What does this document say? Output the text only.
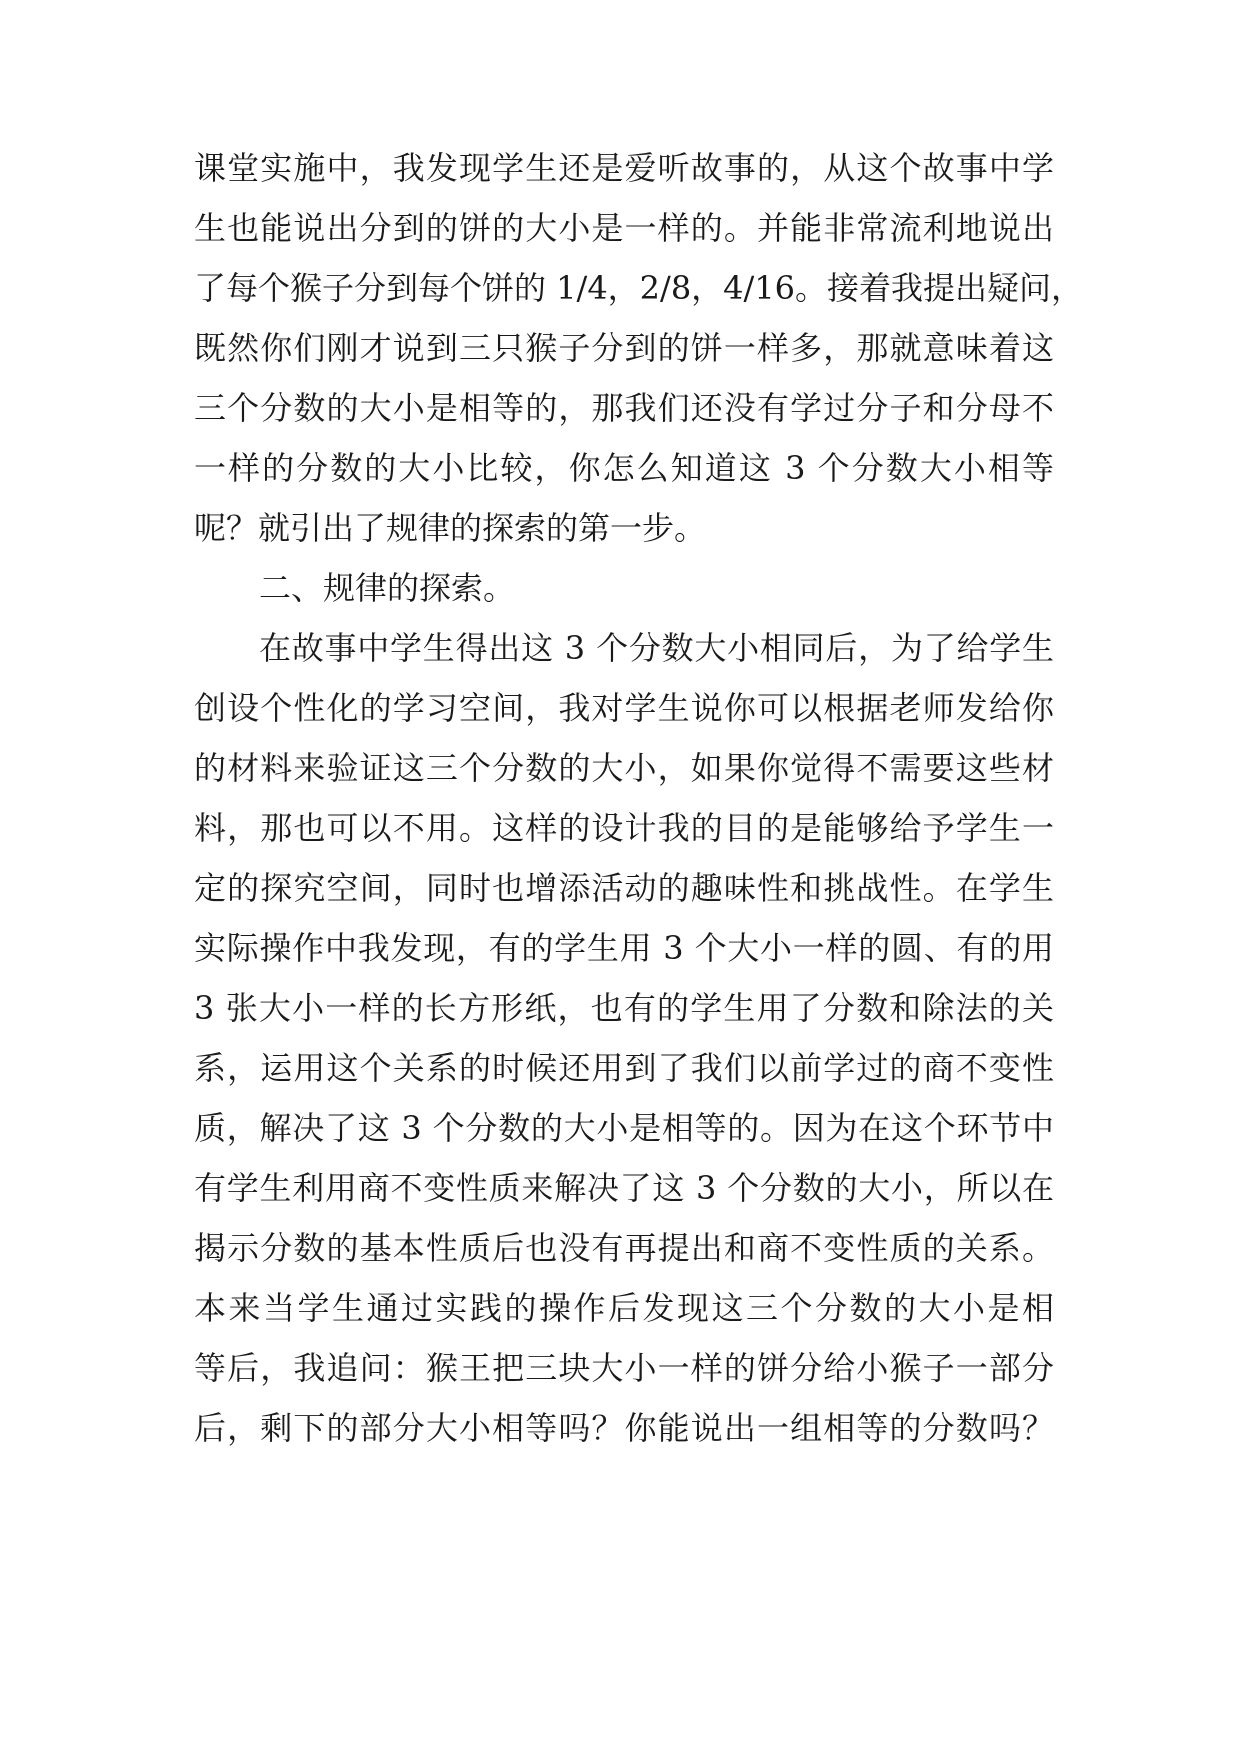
课堂实施中，我发现学生还是爱听故事的，从这个故事中学
生也能说出分到的饼的大小是一样的。并能非常流利地说出
了每个猴子分到每个饼的 1/4，2/8，4/16。接着我提出疑问，
既然你们刚才说到三只猴子分到的饼一样多，那就意味着这
三个分数的大小是相等的，那我们还没有学过分子和分母不
一样的分数的大小比较，你怎么知道这 3 个分数大小相等
呢？就引出了规律的探索的第一步。
二、规律的探索。
在故事中学生得出这 3 个分数大小相同后，为了给学生
创设个性化的学习空间，我对学生说你可以根据老师发给你
的材料来验证这三个分数的大小，如果你觉得不需要这些材
料，那也可以不用。这样的设计我的目的是能够给予学生一
定的探究空间，同时也增添活动的趣味性和挑战性。在学生
实际操作中我发现，有的学生用 3 个大小一样的圆、有的用
3 张大小一样的长方形纸，也有的学生用了分数和除法的关
系，运用这个关系的时候还用到了我们以前学过的商不变性
质，解决了这 3 个分数的大小是相等的。因为在这个环节中
有学生利用商不变性质来解决了这 3 个分数的大小，所以在
揭示分数的基本性质后也没有再提出和商不变性质的关系。
本来当学生通过实践的操作后发现这三个分数的大小是相
等后，我追问：猴王把三块大小一样的饼分给小猴子一部分
后，剩下的部分大小相等吗？你能说出一组相等的分数吗？
